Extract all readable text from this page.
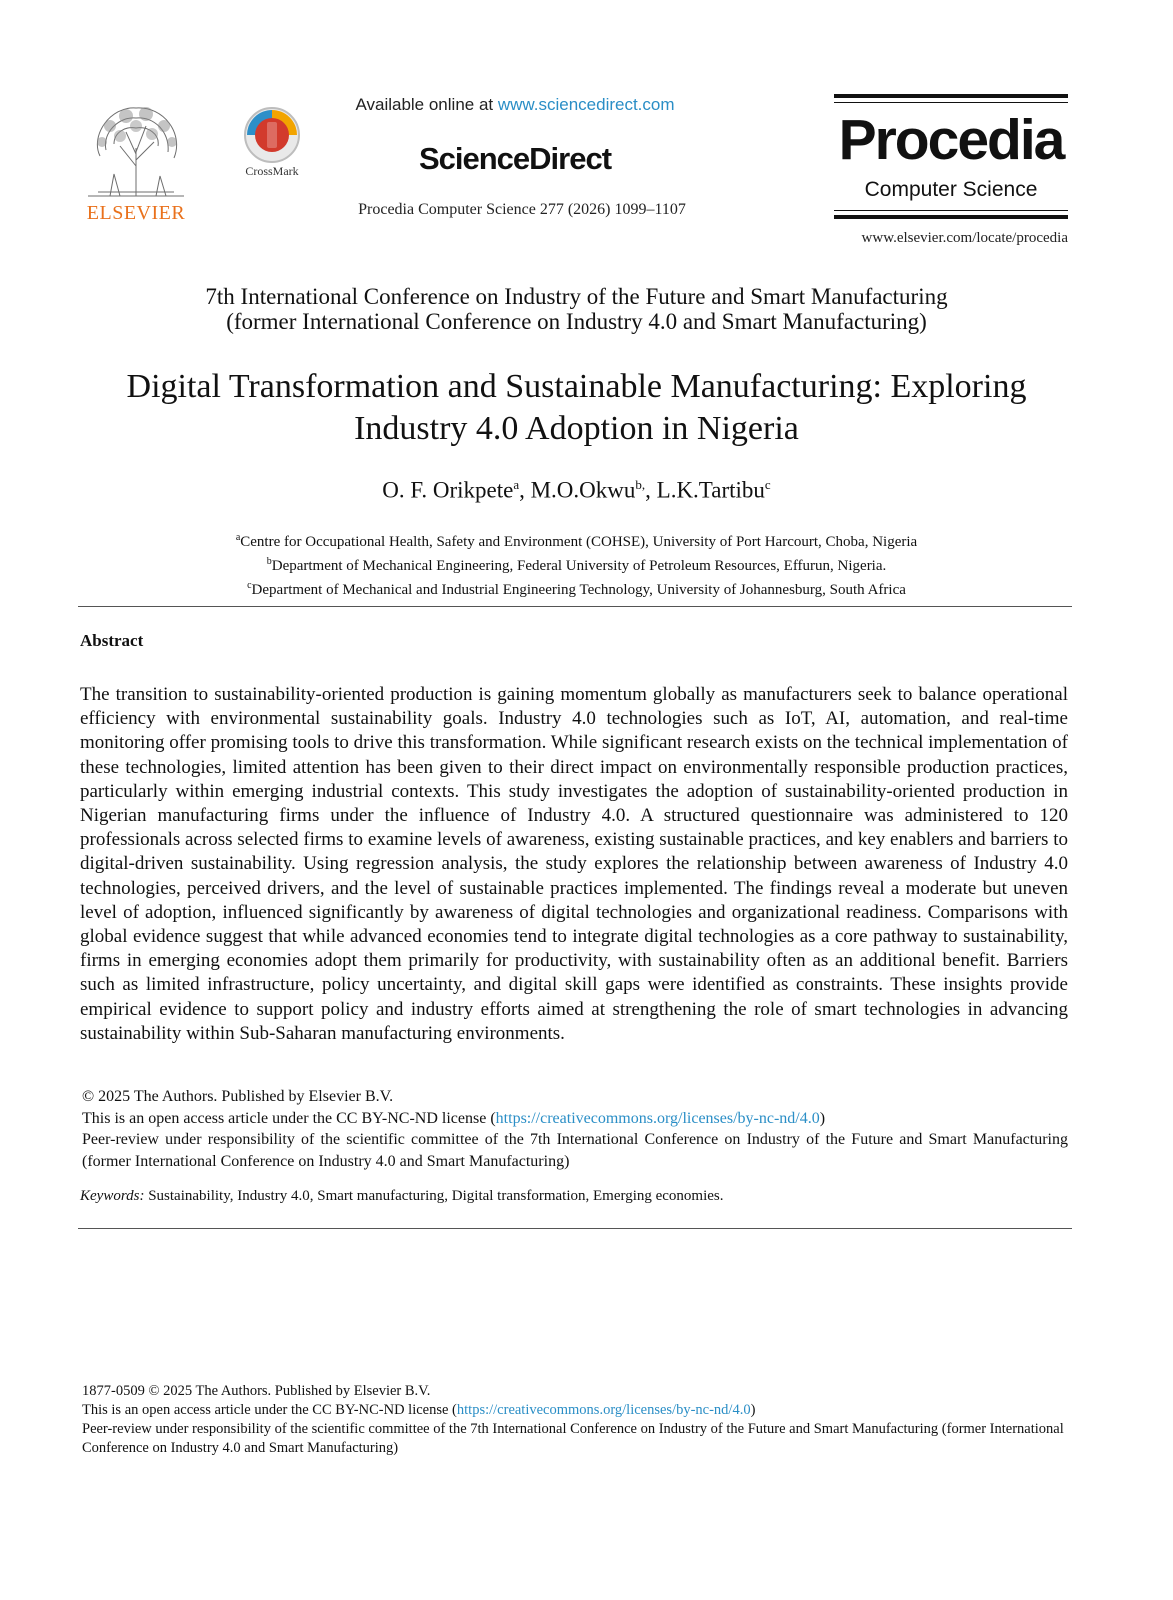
ELSEVIER
CrossMark
Available online at www.sciencedirect.com
ScienceDirect
Procedia Computer Science 277 (2026) 1099–1107
Procedia
Computer Science
www.elsevier.com/locate/procedia
7th International Conference on Industry of the Future and Smart Manufacturing
(former International Conference on Industry 4.0 and Smart Manufacturing)
Digital Transformation and Sustainable Manufacturing: Exploring
Industry 4.0 Adoption in Nigeria
O. F. Orikpete$^a$, M.O.Okwu$^{b,}$, L.K.Tartibu$^c$
$^a$Centre for Occupational Health, Safety and Environment (COHSE), University of Port Harcourt, Choba, Nigeria
$^b$Department of Mechanical Engineering, Federal University of Petroleum Resources, Effurun, Nigeria.
$^c$Department of Mechanical and Industrial Engineering Technology, University of Johannesburg, South Africa
Abstract
The transition to sustainability-oriented production is gaining momentum globally as manufacturers seek to balance operational efficiency with environmental sustainability goals. Industry 4.0 technologies such as IoT, AI, automation, and real-time monitoring offer promising tools to drive this transformation. While significant research exists on the technical implementation of these technologies, limited attention has been given to their direct impact on environmentally responsible production practices, particularly within emerging industrial contexts. This study investigates the adoption of sustainability-oriented production in Nigerian manufacturing firms under the influence of Industry 4.0. A structured questionnaire was administered to 120 professionals across selected firms to examine levels of awareness, existing sustainable practices, and key enablers and barriers to digital-driven sustainability. Using regression analysis, the study explores the relationship between awareness of Industry 4.0 technologies, perceived drivers, and the level of sustainable practices implemented. The findings reveal a moderate but uneven level of adoption, influenced significantly by awareness of digital technologies and organizational readiness. Comparisons with global evidence suggest that while advanced economies tend to integrate digital technologies as a core pathway to sustainability, firms in emerging economies adopt them primarily for productivity, with sustainability often as an additional benefit. Barriers such as limited infrastructure, policy uncertainty, and digital skill gaps were identified as constraints. These insights provide empirical evidence to support policy and industry efforts aimed at strengthening the role of smart technologies in advancing sustainability within Sub-Saharan manufacturing environments.
© 2025 The Authors. Published by Elsevier B.V.
This is an open access article under the CC BY-NC-ND license (https://creativecommons.org/licenses/by-nc-nd/4.0)
Peer-review under responsibility of the scientific committee of the 7th International Conference on Industry of the Future and Smart Manufacturing (former International Conference on Industry 4.0 and Smart Manufacturing)
Keywords: Sustainability, Industry 4.0, Smart manufacturing, Digital transformation, Emerging economies.
1877-0509 © 2025 The Authors. Published by Elsevier B.V.
This is an open access article under the CC BY-NC-ND license (https://creativecommons.org/licenses/by-nc-nd/4.0)
Peer-review under responsibility of the scientific committee of the 7th International Conference on Industry of the Future and Smart Manufacturing (former International Conference on Industry 4.0 and Smart Manufacturing)
